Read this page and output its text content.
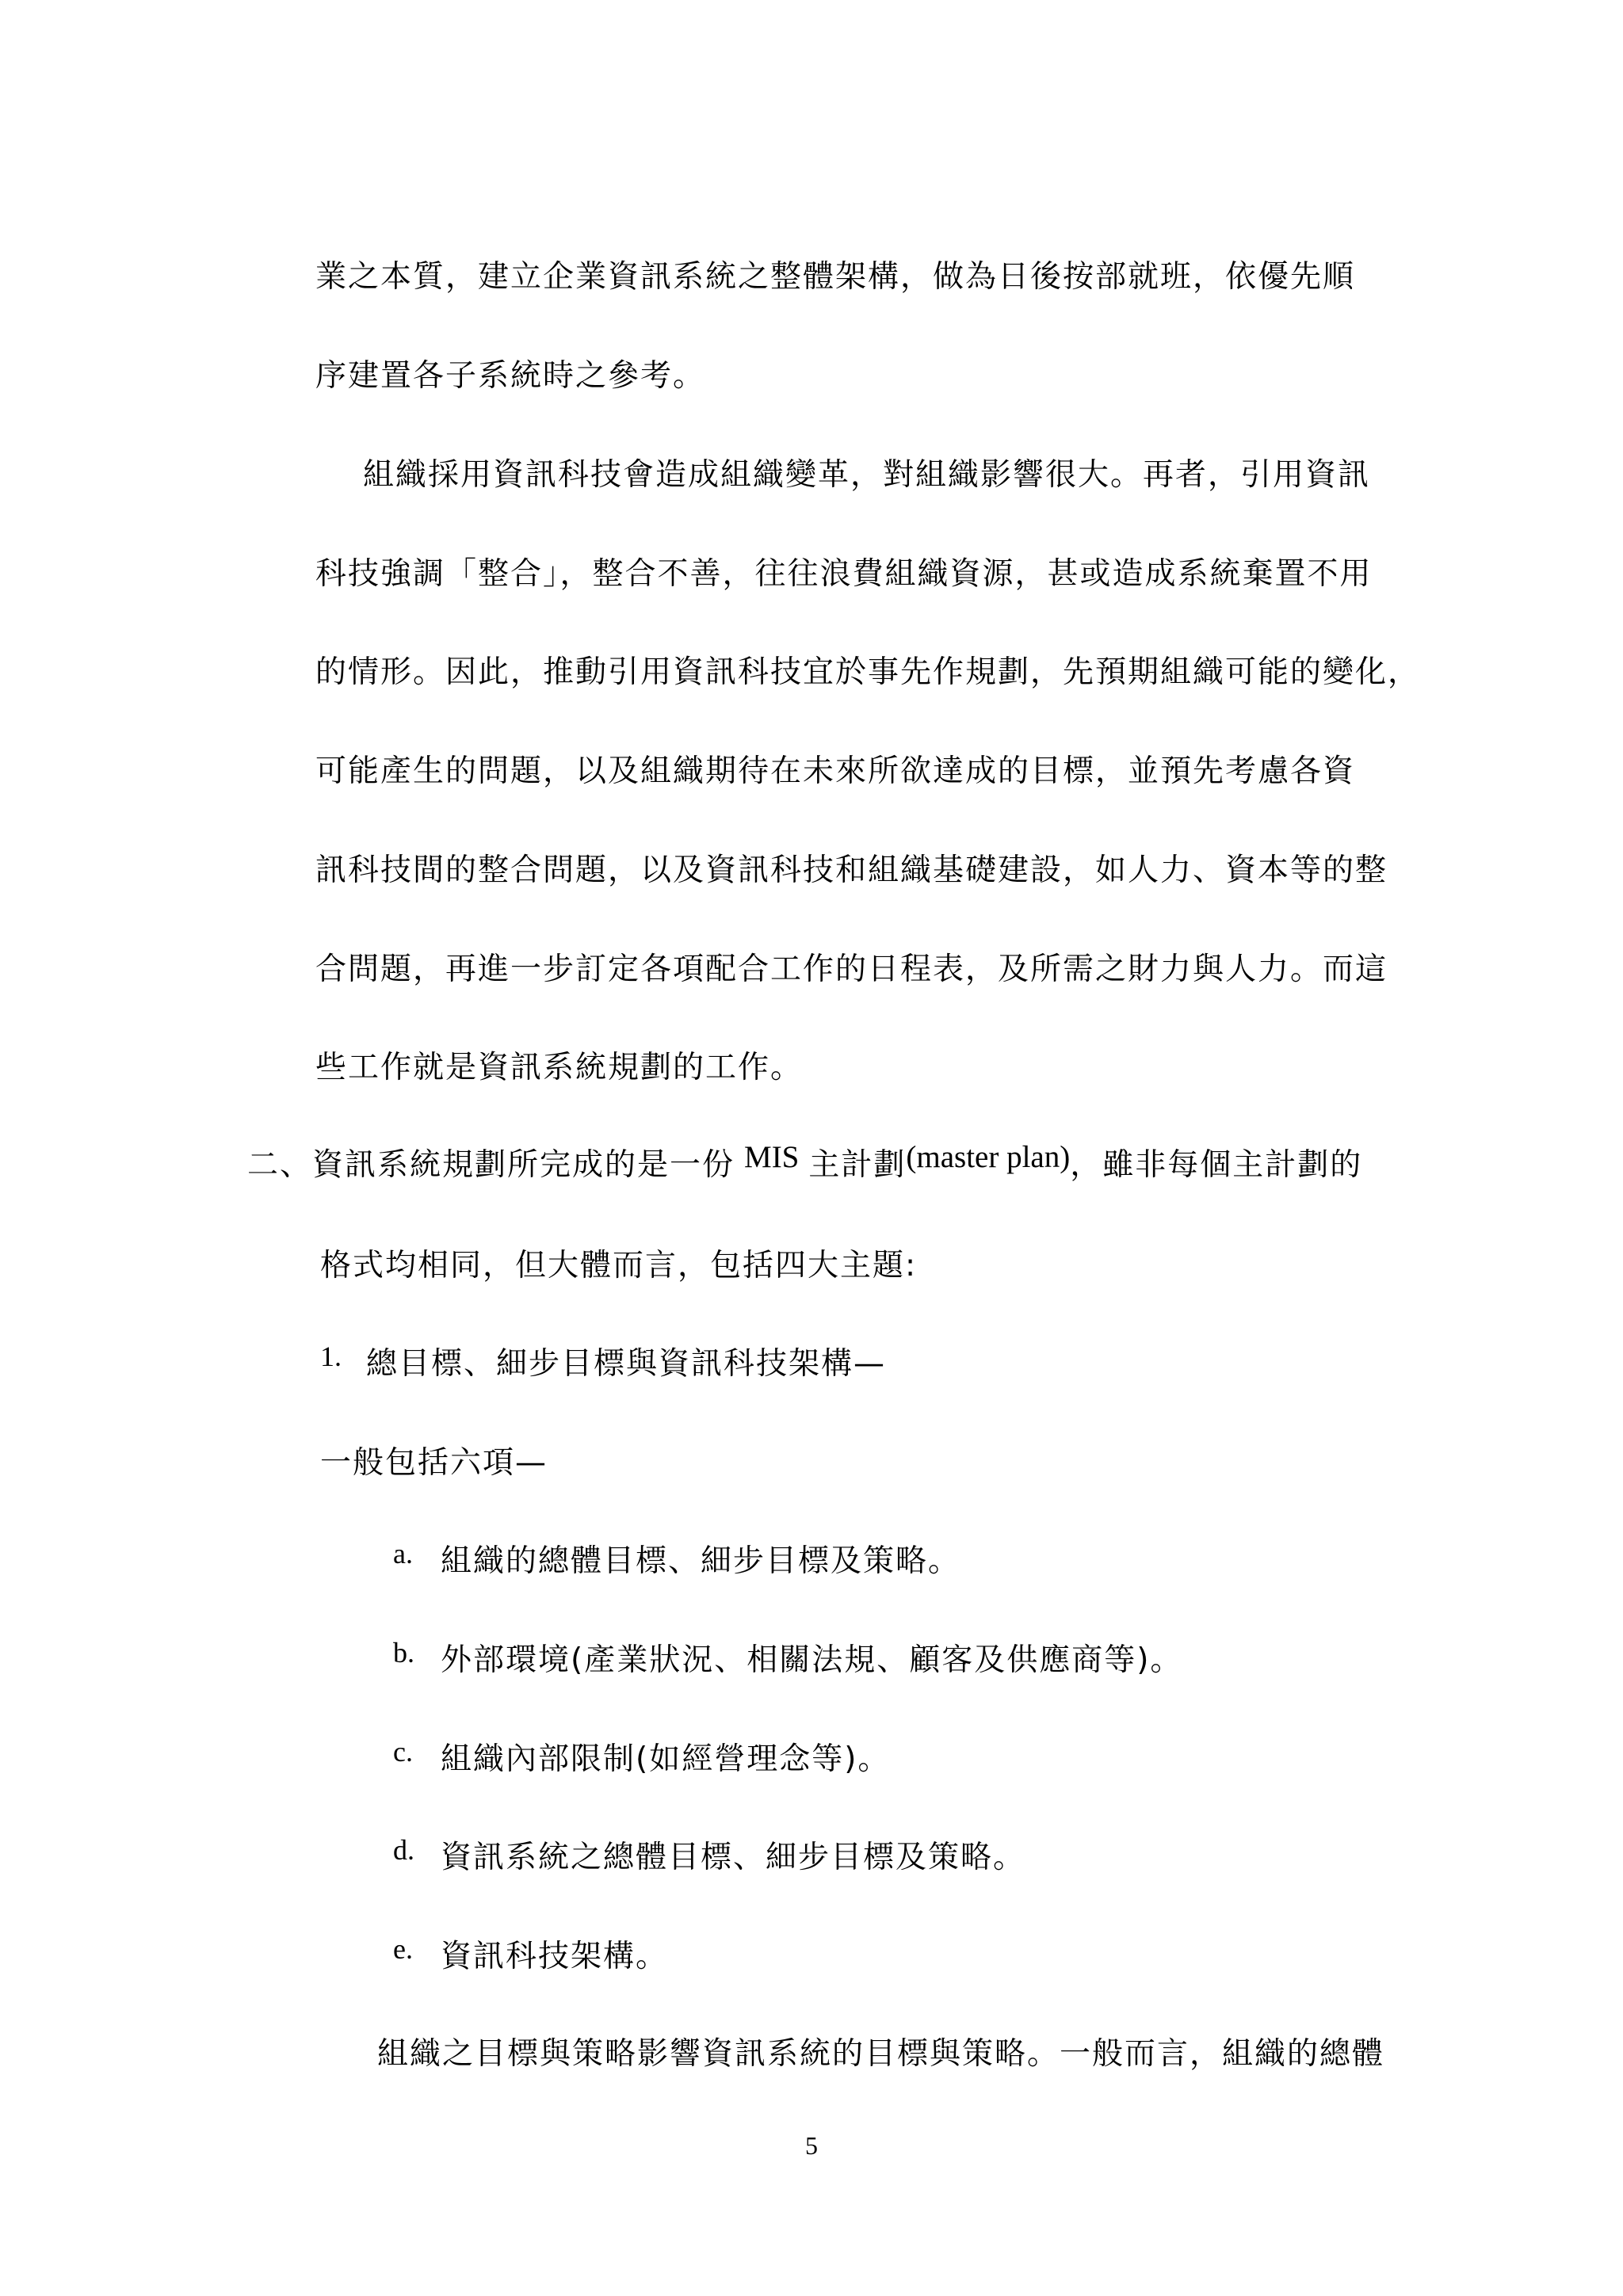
業之本質，建立企業資訊系統之整體架構，做為日後按部就班，依優先順
序建置各子系統時之參考。
組織採用資訊科技會造成組織變革，對組織影響很大。再者，引用資訊
科技強調「整合」，整合不善，往往浪費組織資源，甚或造成系統棄置不用
的情形。因此，推動引用資訊科技宜於事先作規劃，先預期組織可能的變化，
可能產生的問題，以及組織期待在未來所欲達成的目標，並預先考慮各資
訊科技間的整合問題，以及資訊科技和組織基礎建設，如人力、資本等的整
合問題，再進一步訂定各項配合工作的日程表，及所需之財力與人力。而這
些工作就是資訊系統規劃的工作。
二、資訊系統規劃所完成的是一份 MIS 主計劃(master plan)，雖非每個主計劃的
格式均相同，但大體而言，包括四大主題:
1. 總目標、細步目標與資訊科技架構—
一般包括六項—
a. 組織的總體目標、細步目標及策略。
b. 外部環境(產業狀況、相關法規、顧客及供應商等)。
c. 組織內部限制(如經營理念等)。
d. 資訊系統之總體目標、細步目標及策略。
e. 資訊科技架構。
組織之目標與策略影響資訊系統的目標與策略。一般而言，組織的總體
5
